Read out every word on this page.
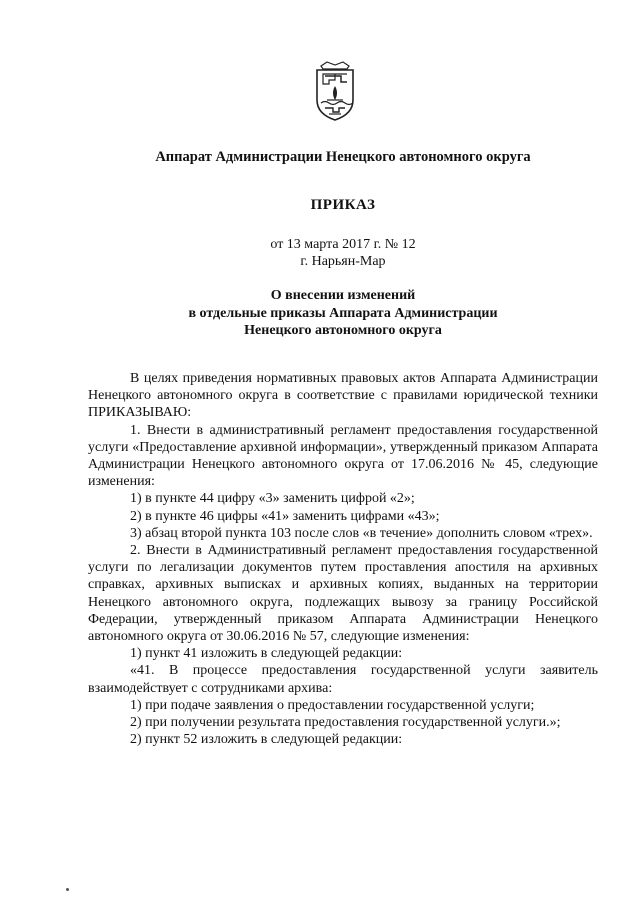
Аппарат Администрации Ненецкого автономного округа
ПРИКАЗ
от 13 марта 2017 г. № 12
г. Нарьян-Мар
О внесении изменений
в отдельные приказы Аппарата Администрации
Ненецкого автономного округа

В целях приведения нормативных правовых актов Аппарата Администрации Ненецкого автономного округа в соответствие с правилами юридической техники ПРИКАЗЫВАЮ:

1. Внести в административный регламент предоставления государственной услуги «Предоставление архивной информации», утвержденный приказом Аппарата Администрации Ненецкого автономного округа от 17.06.2016 № 45, следующие изменения:

1) в пункте 44 цифру «3» заменить цифрой «2»;

2) в пункте 46 цифры «41» заменить цифрами «43»;

3) абзац второй пункта 103 после слов «в течение» дополнить словом «трех».

2. Внести в Административный регламент предоставления государственной услуги по легализации документов путем проставления апостиля на архивных справках, архивных выписках и архивных копиях, выданных на территории Ненецкого автономного округа, подлежащих вывозу за границу Российской Федерации, утвержденный приказом Аппарата Администрации Ненецкого автономного округа от 30.06.2016 № 57, следующие изменения:

1) пункт 41 изложить в следующей редакции:

«41. В процессе предоставления государственной услуги заявитель взаимодействует с сотрудниками архива:

1) при подаче заявления о предоставлении государственной услуги;

2) при получении результата предоставления государственной услуги.»;

2) пункт 52 изложить в следующей редакции:
